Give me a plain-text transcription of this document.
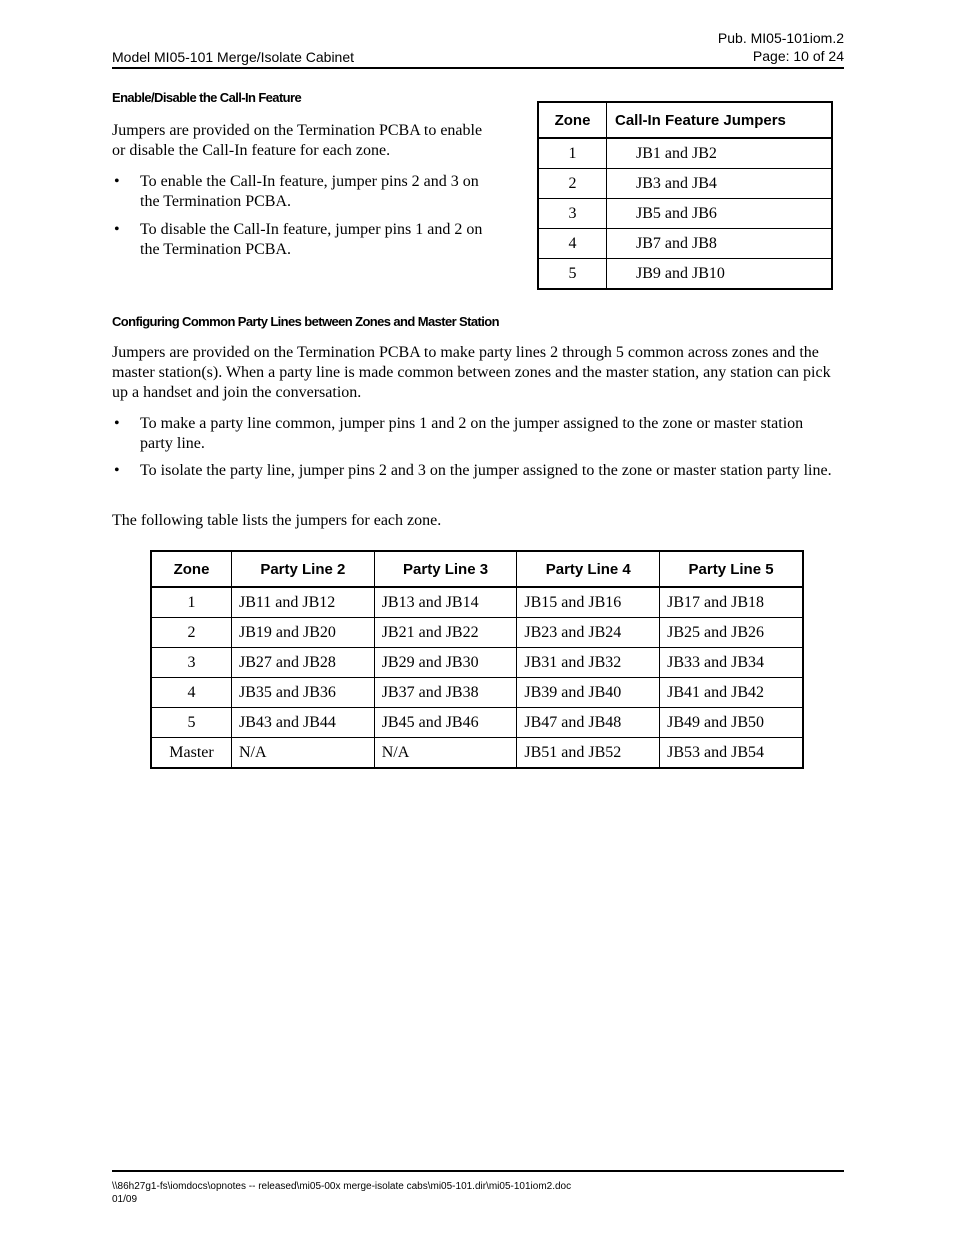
Model MI05-101 Merge/Isolate Cabinet
Pub. MI05-101iom.2
Page: 10 of 24
Enable/Disable the Call-In Feature

Jumpers are provided on the Termination PCBA to enable or disable the Call-In feature for each zone.

• To enable the Call-In feature, jumper pins 2 and 3 on the Termination PCBA.
• To disable the Call-In feature, jumper pins 1 and 2 on the Termination PCBA.
Zone	Call-In Feature Jumpers
1	JB1 and JB2
2	JB3 and JB4
3	JB5 and JB6
4	JB7 and JB8
5	JB9 and JB10
Configuring Common Party Lines between Zones and Master Station

Jumpers are provided on the Termination PCBA to make party lines 2 through 5 common across zones and the master station(s). When a party line is made common between zones and the master station, any station can pick up a handset and join the conversation.

• To make a party line common, jumper pins 1 and 2 on the jumper assigned to the zone or master station party line.
• To isolate the party line, jumper pins 2 and 3 on the jumper assigned to the zone or master station party line.

The following table lists the jumpers for each zone.

Zone	Party Line 2	Party Line 3	Party Line 4	Party Line 5
1	JB11 and JB12	JB13 and JB14	JB15 and JB16	JB17 and JB18
2	JB19 and JB20	JB21 and JB22	JB23 and JB24	JB25 and JB26
3	JB27 and JB28	JB29 and JB30	JB31 and JB32	JB33 and JB34
4	JB35 and JB36	JB37 and JB38	JB39 and JB40	JB41 and JB42
5	JB43 and JB44	JB45 and JB46	JB47 and JB48	JB49 and JB50
Master	N/A	N/A	JB51 and JB52	JB53 and JB54
\\86h27g1-fs\iomdocs\opnotes -- released\mi05-00x merge-isolate cabs\mi05-101.dir\mi05-101iom2.doc
01/09
